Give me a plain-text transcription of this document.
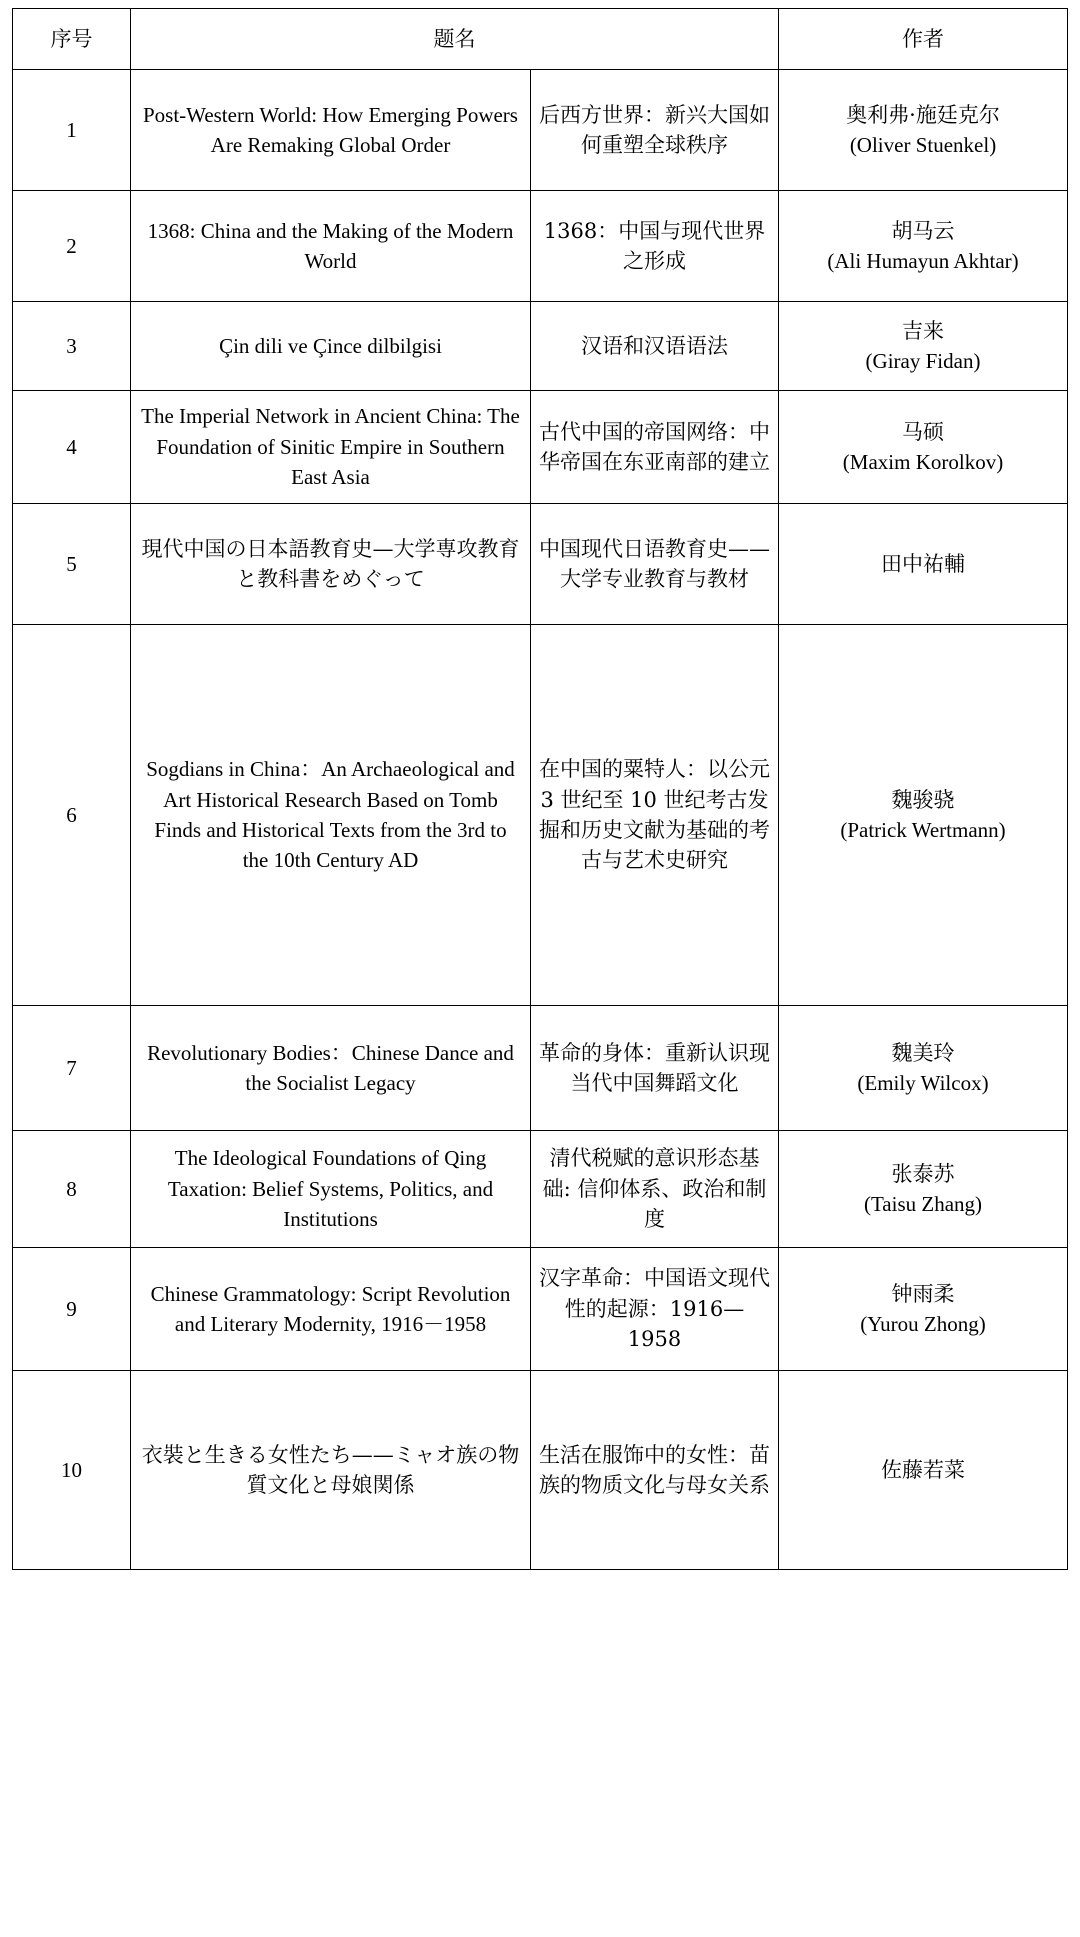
序号	题名		作者
1	Post-Western World: How Emerging Powers Are Remaking Global Order	后西方世界：新兴大国如何重塑全球秩序	奥利弗·施廷克尔
(Oliver Stuenkel)

2	1368: China and the Making of the Modern World	1368：中国与现代世界之形成	胡马云
(Ali Humayun Akhtar)

3	Çin dili ve Çince dilbilgisi	汉语和汉语语法	吉来
(Giray Fidan)

4	The Imperial Network in Ancient China: The Foundation of Sinitic Empire in Southern East Asia	古代中国的帝国网络：中华帝国在东亚南部的建立	马硕
(Maxim Korolkov)

5	現代中国の日本語教育史—大学専攻教育と教科書をめぐって	中国现代日语教育史——大学专业教育与教材	田中祐輔

6	Sogdians in China：An Archaeological and Art Historical Research Based on Tomb Finds and Historical Texts from the 3rd to the 10th Century AD	在中国的粟特人：以公元 3 世纪至 10 世纪考古发掘和历史文献为基础的考古与艺术史研究	魏骏骁
(Patrick Wertmann)

7	Revolutionary Bodies：Chinese Dance and the Socialist Legacy	革命的身体：重新认识现当代中国舞蹈文化	魏美玲
(Emily Wilcox)

8	The Ideological Foundations of Qing Taxation: Belief Systems, Politics, and Institutions	清代税赋的意识形态基础: 信仰体系、政治和制度	张泰苏
(Taisu Zhang)

9	Chinese Grammatology: Script Revolution and Literary Modernity, 1916－1958	汉字革命：中国语文现代性的起源：1916—1958	钟雨柔
(Yurou Zhong)

10	衣裝と生きる女性たち——ミャオ族の物質文化と母娘関係	生活在服饰中的女性：苗族的物质文化与母女关系	佐藤若菜
